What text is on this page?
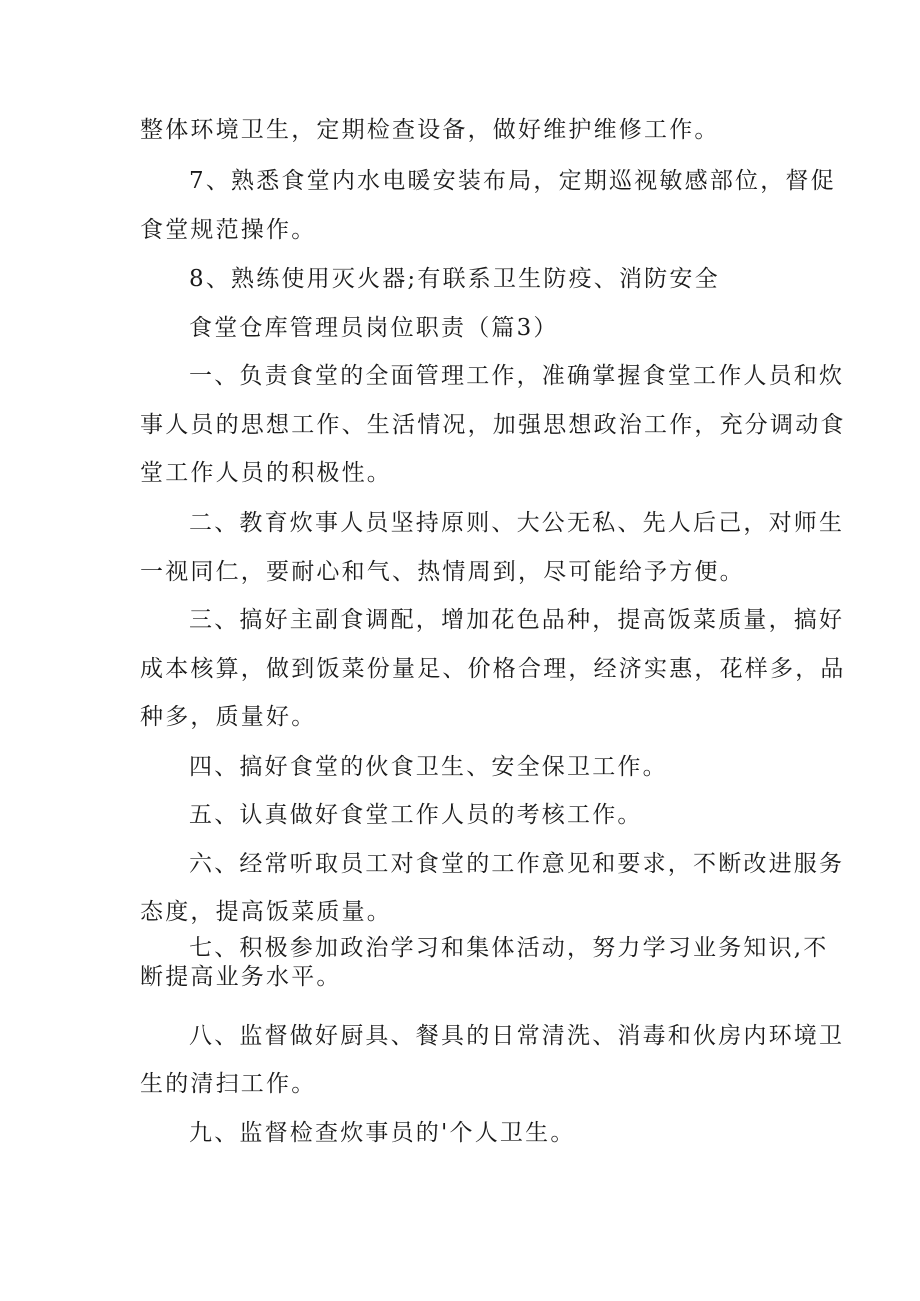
整体环境卫生，定期检查设备，做好维护维修工作。
7、熟悉食堂内水电暖安装布局，定期巡视敏感部位，督促
食堂规范操作。
8、熟练使用灭火器;有联系卫生防疫、消防安全
食堂仓库管理员岗位职责（篇3）
一、负责食堂的全面管理工作，准确掌握食堂工作人员和炊
事人员的思想工作、生活情况，加强思想政治工作，充分调动食
堂工作人员的积极性。
二、教育炊事人员坚持原则、大公无私、先人后己，对师生
一视同仁，要耐心和气、热情周到，尽可能给予方便。
三、搞好主副食调配，增加花色品种，提高饭菜质量，搞好
成本核算，做到饭菜份量足、价格合理，经济实惠，花样多，品
种多，质量好。
四、搞好食堂的伙食卫生、安全保卫工作。
五、认真做好食堂工作人员的考核工作。
六、经常听取员工对食堂的工作意见和要求，不断改进服务
态度，提高饭菜质量。
七、积极参加政治学习和集体活动，努力学习业务知识,不
断提高业务水平。
八、监督做好厨具、餐具的日常清洗、消毒和伙房内环境卫
生的清扫工作。
九、监督检查炊事员的'个人卫生。
